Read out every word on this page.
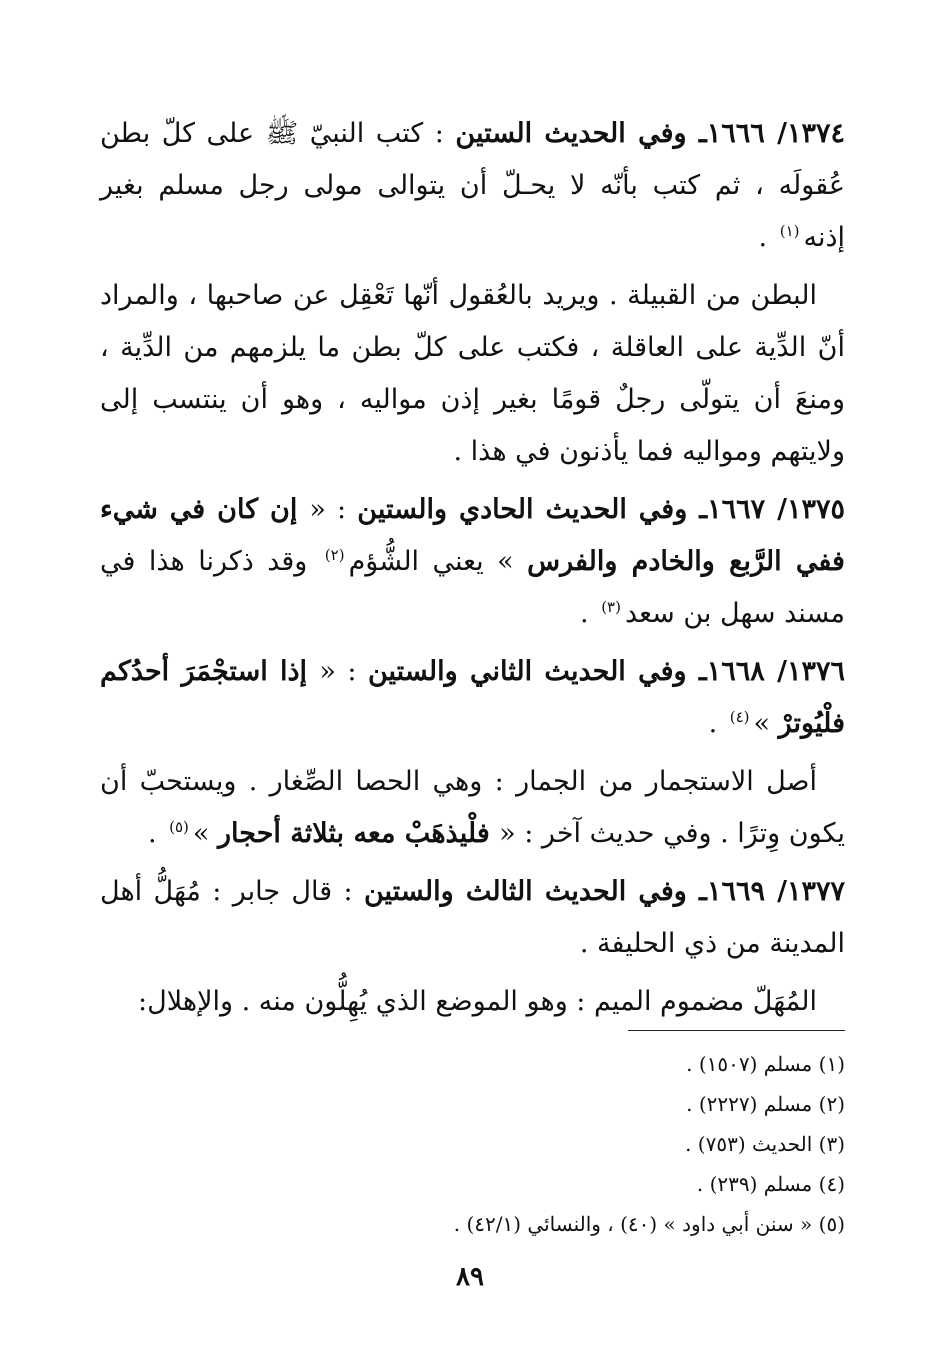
١٣٧٤/ ١٦٦٦ـ وفي الحديث الستين : كتب النبيّ ﷺ على كلّ بطن عُقولَه ، ثم كتب بأنّه لا يحـلّ أن يتوالى مولى رجل مسلم بغير إذنه$^{(١)}$ .

البطن من القبيلة . ويريد بالعُقول أنّها تَعْقِل عن صاحبها ، والمراد أنّ الدِّية على العاقلة ، فكتب على كلّ بطن ما يلزمهم من الدِّية ، ومنعَ أن يتولّى رجلٌ قومًا بغير إذن مواليه ، وهو أن ينتسب إلى ولايتهم ومواليه فما يأذنون في هذا .

١٣٧٥/ ١٦٦٧ـ وفي الحديث الحادي والستين : « إن كان في شيء ففي الرَّبع والخادم والفرس » يعني الشُّؤم$^{(٢)}$ وقد ذكرنا هذا في مسند سهل بن سعد$^{(٣)}$ .

١٣٧٦/ ١٦٦٨ـ وفي الحديث الثاني والستين : « إذا استجْمَرَ أحدُكم فلْيُوترْ »$^{(٤)}$ .

أصل الاستجمار من الجمار : وهي الحصا الصِّغار . ويستحبّ أن يكون وِترًا . وفي حديث آخر : « فلْيذهَبْ معه بثلاثة أحجار »$^{(٥)}$ .

١٣٧٧/ ١٦٦٩ـ وفي الحديث الثالث والستين : قال جابر : مُهَلُّ أهل المدينة من ذي الحليفة .

المُهَلّ مضموم الميم : وهو الموضع الذي يُهِلُّون منه . والإهلال:

(١) مسلم (١٥٠٧) .

(٢) مسلم (٢٢٢٧) .

(٣) الحديث (٧٥٣) .

(٤) مسلم (٢٣٩) .

(٥) « سنن أبي داود » (٤٠) ، والنسائي (٤٢/١) .

٨٩
